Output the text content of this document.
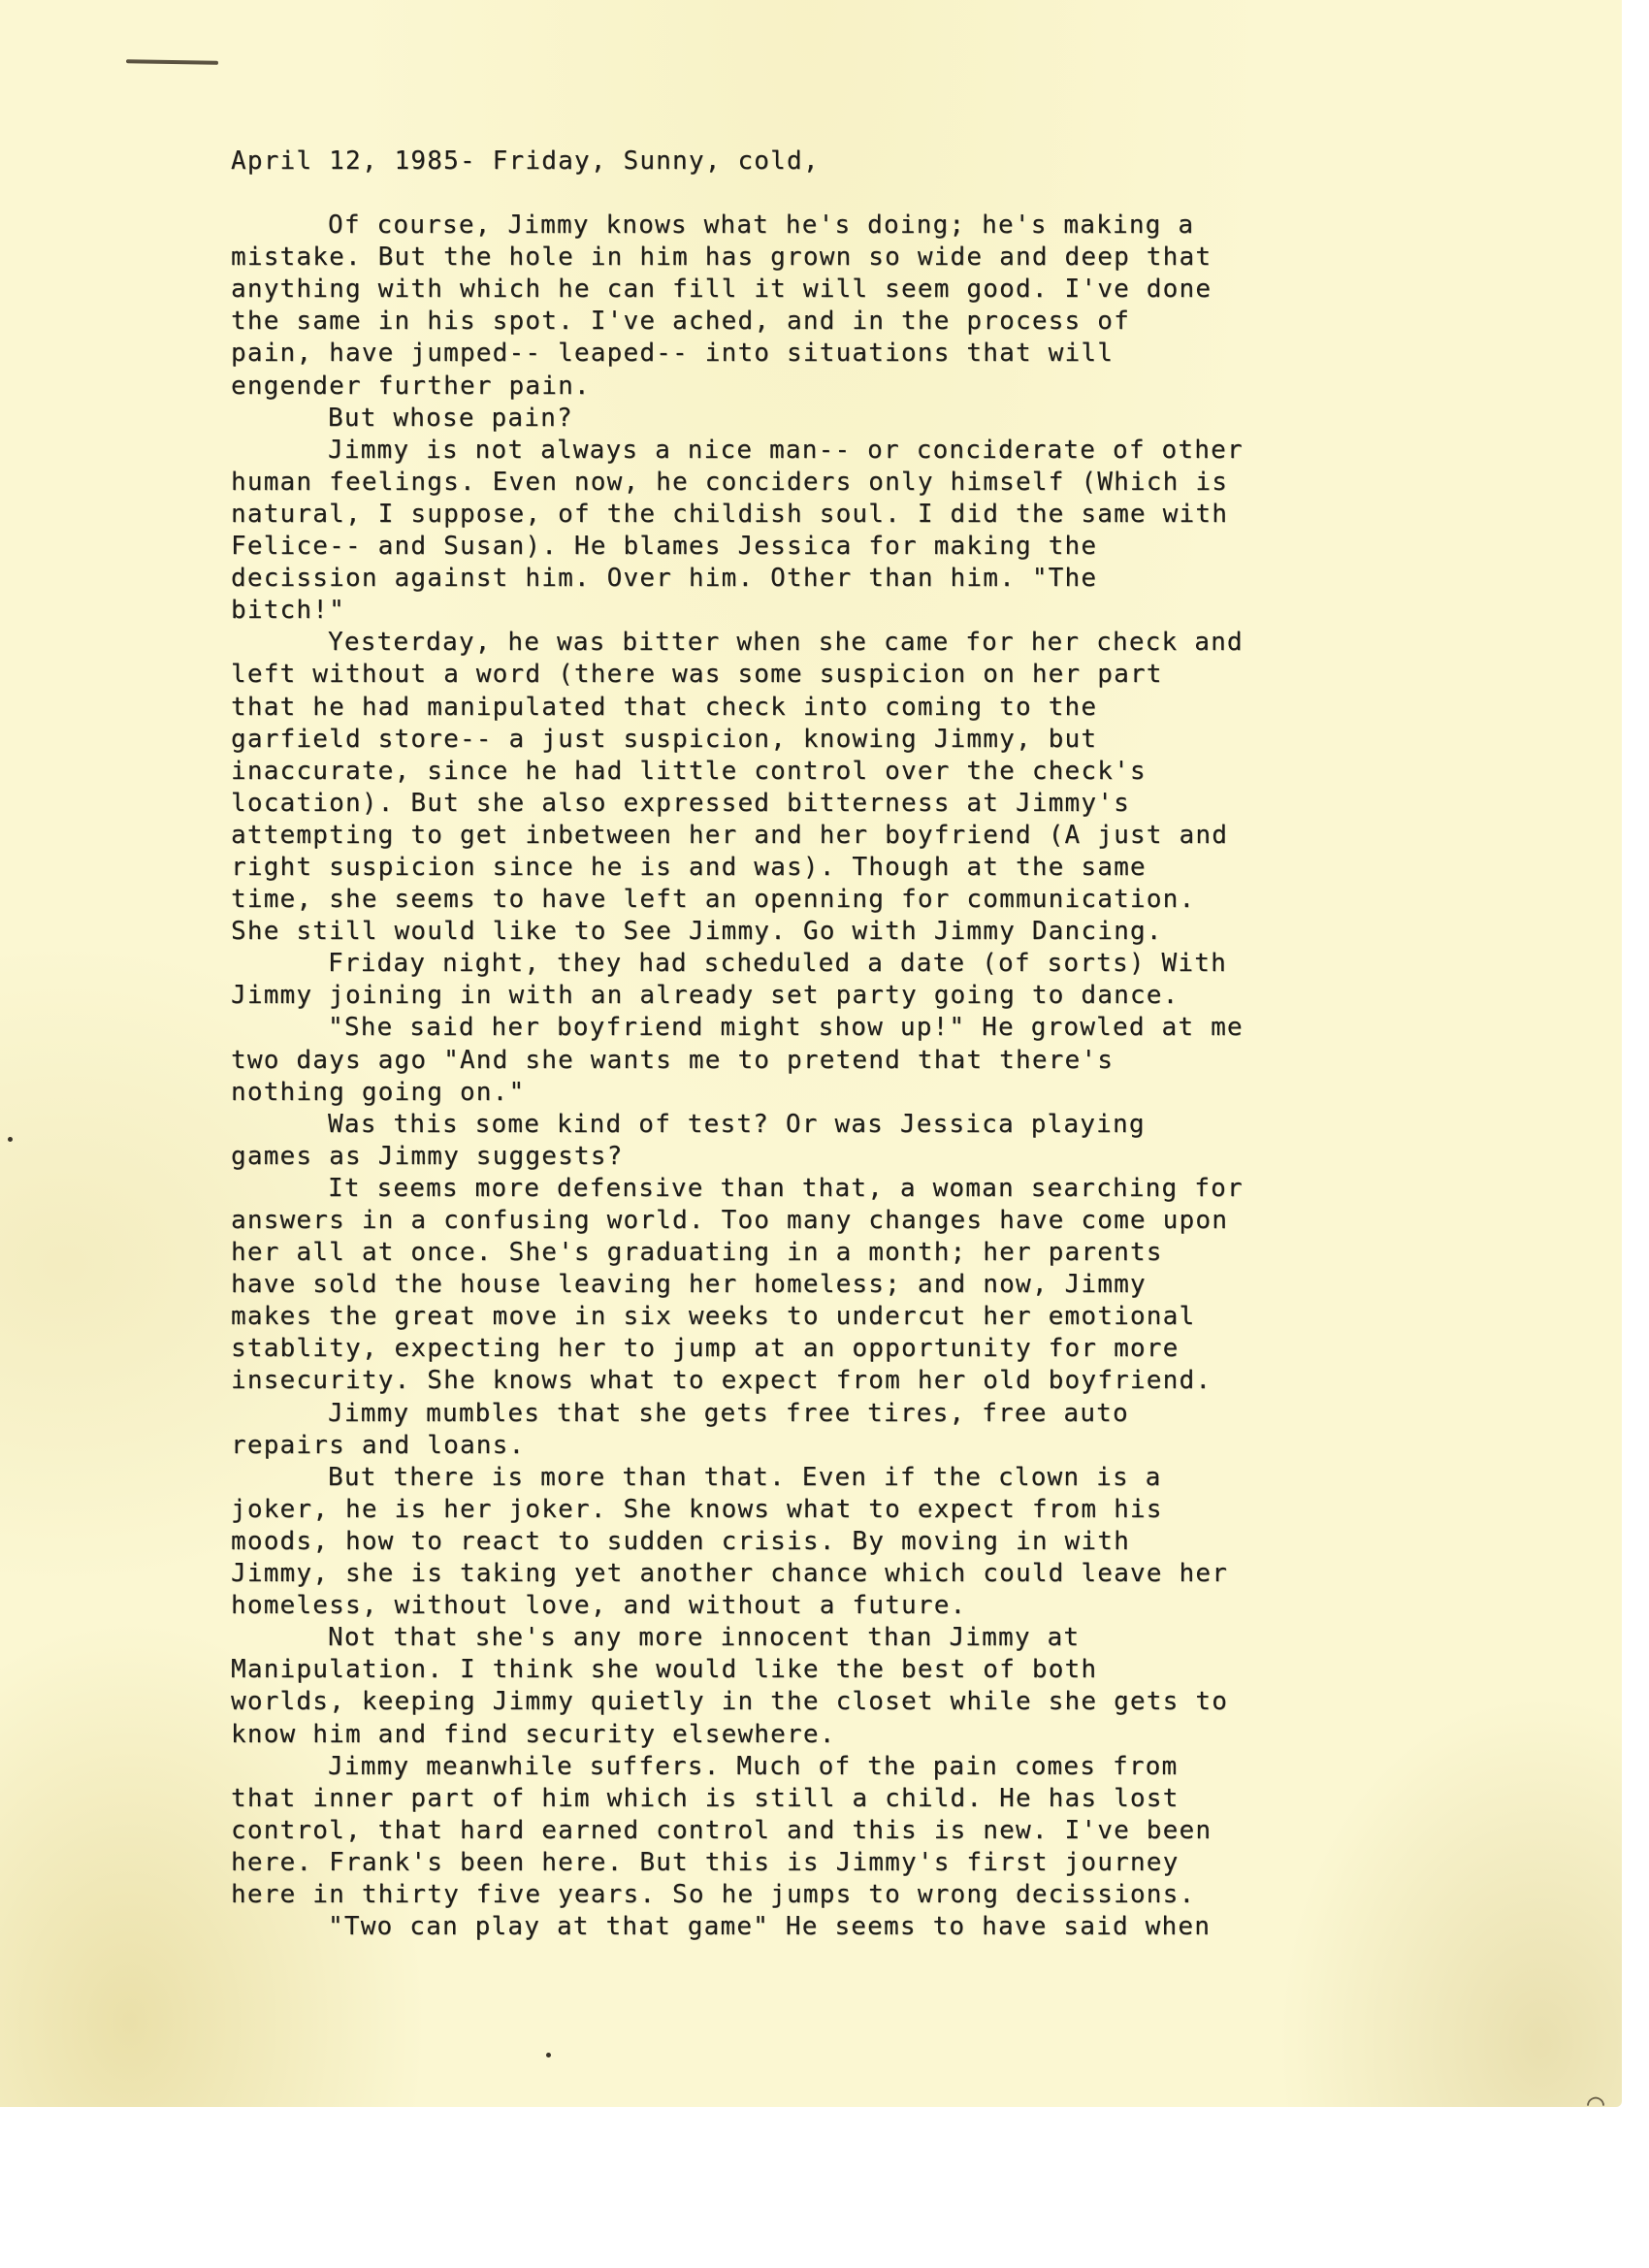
⌒
April 12, 1985- Friday, Sunny, cold,
Of course, Jimmy knows what he's doing; he's making a
mistake. But the hole in him has grown so wide and deep that
anything with which he can fill it will seem good. I've done
the same in his spot. I've ached, and in the process of
pain, have jumped-- leaped-- into situations that will
engender further pain.
But whose pain?
Jimmy is not always a nice man-- or conciderate of other
human feelings. Even now, he conciders only himself (Which is
natural, I suppose, of the childish soul. I did the same with
Felice-- and Susan). He blames Jessica for making the
decission against him. Over him. Other than him. "The
bitch!"
Yesterday, he was bitter when she came for her check and
left without a word (there was some suspicion on her part
that he had manipulated that check into coming to the
garfield store-- a just suspicion, knowing Jimmy, but
inaccurate, since he had little control over the check's
location). But she also expressed bitterness at Jimmy's
attempting to get inbetween her and her boyfriend (A just and
right suspicion since he is and was). Though at the same
time, she seems to have left an openning for communication.
She still would like to See Jimmy. Go with Jimmy Dancing.
Friday night, they had scheduled a date (of sorts) With
Jimmy joining in with an already set party going to dance.
"She said her boyfriend might show up!" He growled at me
two days ago "And she wants me to pretend that there's
nothing going on."
Was this some kind of test? Or was Jessica playing
games as Jimmy suggests?
It seems more defensive than that, a woman searching for
answers in a confusing world. Too many changes have come upon
her all at once. She's graduating in a month; her parents
have sold the house leaving her homeless; and now, Jimmy
makes the great move in six weeks to undercut her emotional
stablity, expecting her to jump at an opportunity for more
insecurity. She knows what to expect from her old boyfriend.
Jimmy mumbles that she gets free tires, free auto
repairs and loans.
But there is more than that. Even if the clown is a
joker, he is her joker. She knows what to expect from his
moods, how to react to sudden crisis. By moving in with
Jimmy, she is taking yet another chance which could leave her
homeless, without love, and without a future.
Not that she's any more innocent than Jimmy at
Manipulation. I think she would like the best of both
worlds, keeping Jimmy quietly in the closet while she gets to
know him and find security elsewhere.
Jimmy meanwhile suffers. Much of the pain comes from
that inner part of him which is still a child. He has lost
control, that hard earned control and this is new. I've been
here. Frank's been here. But this is Jimmy's first journey
here in thirty five years. So he jumps to wrong decissions.
"Two can play at that game" He seems to have said when
